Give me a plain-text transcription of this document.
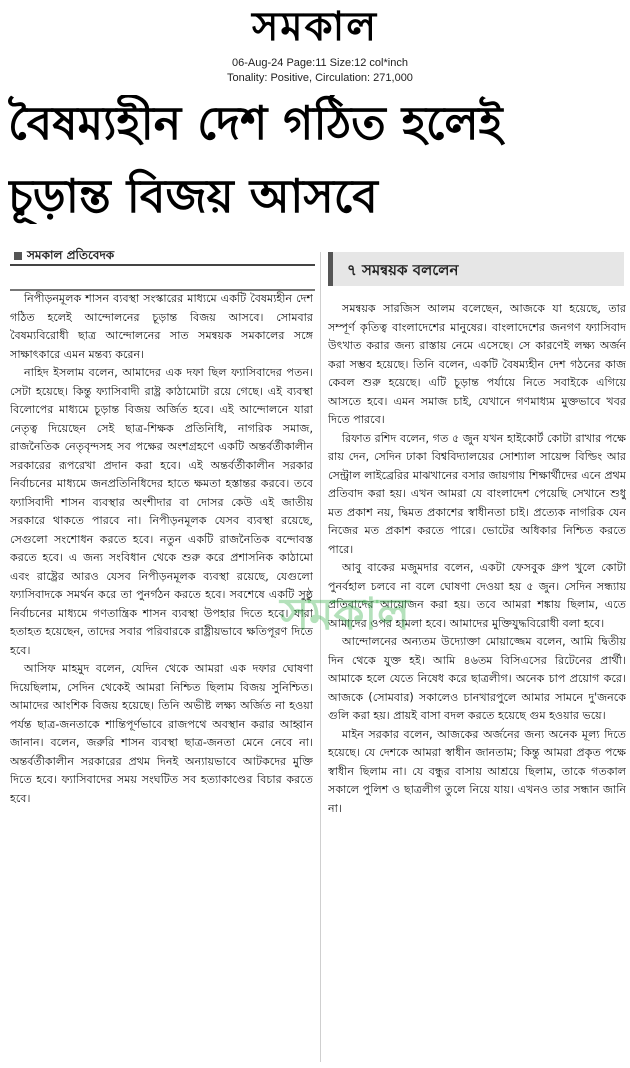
সমকাল
06-Aug-24 Page:11 Size:12 col*inch
Tonality: Positive, Circulation: 271,000
বৈষম্যহীন দেশ গঠিত হলেই
চূড়ান্ত বিজয় আসবে
সমকাল প্রতিবেদক

নিপীড়নমূলক শাসন ব্যবস্থা সংস্কারের মাধ্যমে একটি বৈষম্যহীন দেশ গঠিত হলেই আন্দোলনের চূড়ান্ত বিজয় আসবে। সোমবার বৈষম্যবিরোধী ছাত্র আন্দোলনের সাত সমন্বয়ক সমকালের সঙ্গে সাক্ষাৎকারে এমন মন্তব্য করেন।

নাহিদ ইসলাম বলেন, আমাদের এক দফা ছিল ফ্যাসিবাদের পতন। সেটা হয়েছে। কিন্তু ফ্যাসিবাদী রাষ্ট্র কাঠামোটা রয়ে গেছে। এই ব্যবস্থা বিলোপের মাধ্যমে চূড়ান্ত বিজয় অর্জিত হবে। এই আন্দোলনে যারা নেতৃত্ব দিয়েছেন সেই ছাত্র-শিক্ষক প্রতিনিধি, নাগরিক সমাজ, রাজনৈতিক নেতৃবৃন্দসহ সব পক্ষের অংশগ্রহণে একটি অন্তর্বর্তীকালীন সরকারের রূপরেখা প্রদান করা হবে। এই অন্তর্বর্তীকালীন সরকার নির্বাচনের মাধ্যমে জনপ্রতিনিধিদের হাতে ক্ষমতা হস্তান্তর করবে। তবে ফ্যাসিবাদী শাসন ব্যবস্থার অংশীদার বা দোসর কেউ এই জাতীয় সরকারে থাকতে পারবে না। নিপীড়নমূলক যেসব ব্যবস্থা রয়েছে, সেগুলো সংশোধন করতে হবে। নতুন একটি রাজনৈতিক বন্দোবস্ত করতে হবে। এ জন্য সংবিধান থেকে শুরু করে প্রশাসনিক কাঠামো এবং রাষ্ট্রের আরও যেসব নিপীড়নমূলক ব্যবস্থা রয়েছে, যেগুলো ফ্যাসিবাদকে সমর্থন করে তা পুনর্গঠন করতে হবে। সবশেষে একটি সুষ্ঠু নির্বাচনের মাধ্যমে গণতান্ত্রিক শাসন ব্যবস্থা উপহার দিতে হবে। যারা হতাহত হয়েছেন, তাদের সবার পরিবারকে রাষ্ট্রীয়ভাবে ক্ষতিপূরণ দিতে হবে।

আসিফ মাহমুদ বলেন, যেদিন থেকে আমরা এক দফার ঘোষণা দিয়েছিলাম, সেদিন থেকেই আমরা নিশ্চিত ছিলাম বিজয় সুনিশ্চিত। আমাদের আংশিক বিজয় হয়েছে। তিনি অভীষ্ট লক্ষ্য অর্জিত না হওয়া পর্যন্ত ছাত্র-জনতাকে শান্তিপূর্ণভাবে রাজপথে অবস্থান করার আহ্বান জানান। বলেন, জরুরি শাসন ব্যবস্থা ছাত্র-জনতা মেনে নেবে না। অন্তর্বর্তীকালীন সরকারের প্রথম দিনই অন্যায়ভাবে আটকদের মুক্তি দিতে হবে। ফ্যাসিবাদের সময় সংঘটিত সব হত্যাকাণ্ডের বিচার করতে হবে।

৭ সমন্বয়ক বললেন

সমন্বয়ক সারজিস আলম বলেছেন, আজকে যা হয়েছে, তার সম্পূর্ণ কৃতিত্ব বাংলাদেশের মানুষের। বাংলাদেশের জনগণ ফ্যাসিবাদ উৎখাত করার জন্য রাস্তায় নেমে এসেছে। সে কারণেই লক্ষ্য অর্জন করা সম্ভব হয়েছে। তিনি বলেন, একটি বৈষম্যহীন দেশ গঠনের কাজ কেবল শুরু হয়েছে। এটি চূড়ান্ত পর্যায়ে নিতে সবাইকে এগিয়ে আসতে হবে। এমন সমাজ চাই, যেখানে গণমাধ্যম মুক্তভাবে খবর দিতে পারবে।

রিফাত রশিদ বলেন, গত ৫ জুন যখন হাইকোর্ট কোটা রাখার পক্ষে রায় দেন, সেদিন ঢাকা বিশ্ববিদ্যালয়ের সোশ্যাল সায়েন্স বিল্ডিং আর সেন্ট্রাল লাইব্রেরির মাঝখানের বসার জায়গায় শিক্ষার্থীদের এনে প্রথম প্রতিবাদ করা হয়। এখন আমরা যে বাংলাদেশ পেয়েছি সেখানে শুধু মত প্রকাশ নয়, দ্বিমত প্রকাশের স্বাধীনতা চাই। প্রত্যেক নাগরিক যেন নিজের মত প্রকাশ করতে পারে। ভোটের অধিকার নিশ্চিত করতে পারে।

আবু বাকের মজুমদার বলেন, একটা ফেসবুক গ্রুপ খুলে কোটা পুনর্বহাল চলবে না বলে ঘোষণা দেওয়া হয় ৫ জুন। সেদিন সন্ধ্যায় প্রতিবাদের আয়োজন করা হয়। তবে আমরা শঙ্কায় ছিলাম, এতে আমাদের ওপর হামলা হবে। আমাদের মুক্তিযুদ্ধবিরোধী বলা হবে।

আন্দোলনের অন্যতম উদ্যোক্তা মোয়াজ্জেম বলেন, আমি দ্বিতীয় দিন থেকে যুক্ত হই। আমি ৪৬তম বিসিএসের রিটেনের প্রার্থী। আমাকে হলে যেতে নিষেধ করে ছাত্রলীগ। অনেক চাপ প্রয়োগ করে। আজকে (সোমবার) সকালেও চানখারপুলে আমার সামনে দু'জনকে গুলি করা হয়। প্রায়ই বাসা বদল করতে হয়েছে গুম হওয়ার ভয়ে।

মাইন সরকার বলেন, আজকের অর্জনের জন্য অনেক মূল্য দিতে হয়েছে। যে দেশকে আমরা স্বাধীন জানতাম; কিন্তু আমরা প্রকৃত পক্ষে স্বাধীন ছিলাম না। যে বন্ধুর বাসায় আশ্রয়ে ছিলাম, তাকে গতকাল সকালে পুলিশ ও ছাত্রলীগ তুলে নিয়ে যায়। এখনও তার সন্ধান জানি না।

সমকাল
